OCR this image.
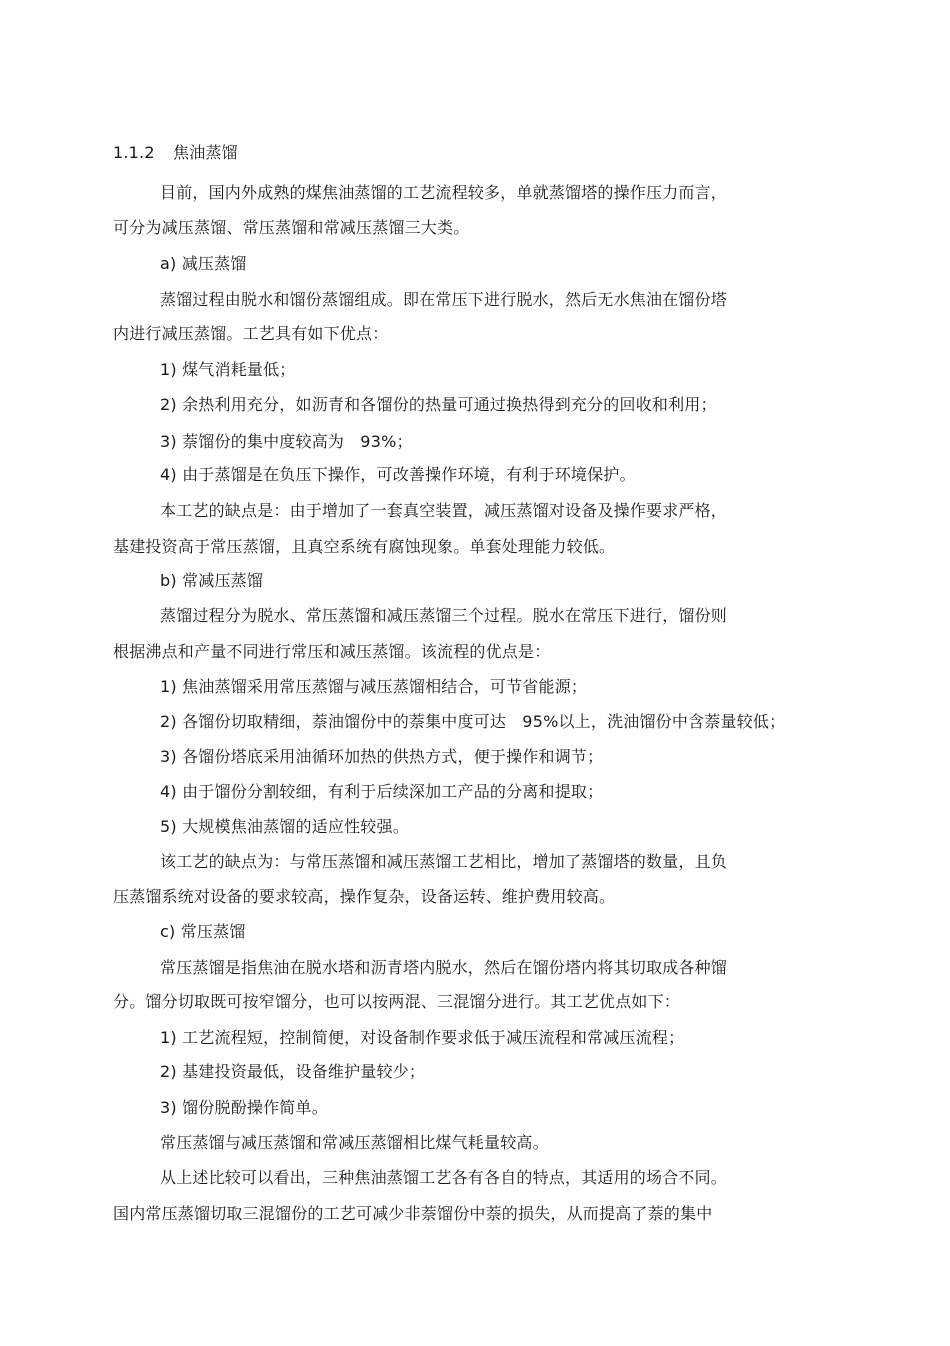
1.1.2 焦油蒸馏
目前，国内外成熟的煤焦油蒸馏的工艺流程较多，单就蒸馏塔的操作压力而言，
可分为减压蒸馏、常压蒸馏和常减压蒸馏三大类。
a) 减压蒸馏
蒸馏过程由脱水和馏份蒸馏组成。即在常压下进行脱水，然后无水焦油在馏份塔
内进行减压蒸馏。工艺具有如下优点：
1) 煤气消耗量低；
2) 余热利用充分，如沥青和各馏份的热量可通过换热得到充分的回收和利用；
3) 萘馏份的集中度较高为　93%；
4) 由于蒸馏是在负压下操作，可改善操作环境，有利于环境保护。
本工艺的缺点是：由于增加了一套真空装置，减压蒸馏对设备及操作要求严格，
基建投资高于常压蒸馏，且真空系统有腐蚀现象。单套处理能力较低。
b) 常减压蒸馏
蒸馏过程分为脱水、常压蒸馏和减压蒸馏三个过程。脱水在常压下进行，馏份则
根据沸点和产量不同进行常压和减压蒸馏。该流程的优点是：
1) 焦油蒸馏采用常压蒸馏与减压蒸馏相结合，可节省能源；
2) 各馏份切取精细，萘油馏份中的萘集中度可达　95%以上，洗油馏份中含萘量较低；
3) 各馏份塔底采用油循环加热的供热方式，便于操作和调节；
4) 由于馏份分割较细，有利于后续深加工产品的分离和提取；
5) 大规模焦油蒸馏的适应性较强。
该工艺的缺点为：与常压蒸馏和减压蒸馏工艺相比，增加了蒸馏塔的数量，且负
压蒸馏系统对设备的要求较高，操作复杂，设备运转、维护费用较高。
c) 常压蒸馏
常压蒸馏是指焦油在脱水塔和沥青塔内脱水，然后在馏份塔内将其切取成各种馏
分。馏分切取既可按窄馏分，也可以按两混、三混馏分进行。其工艺优点如下：
1) 工艺流程短，控制简便，对设备制作要求低于减压流程和常减压流程；
2) 基建投资最低，设备维护量较少；
3) 馏份脱酚操作简单。
常压蒸馏与减压蒸馏和常减压蒸馏相比煤气耗量较高。
从上述比较可以看出，三种焦油蒸馏工艺各有各自的特点，其适用的场合不同。
国内常压蒸馏切取三混馏份的工艺可减少非萘馏份中萘的损失，从而提高了萘的集中
